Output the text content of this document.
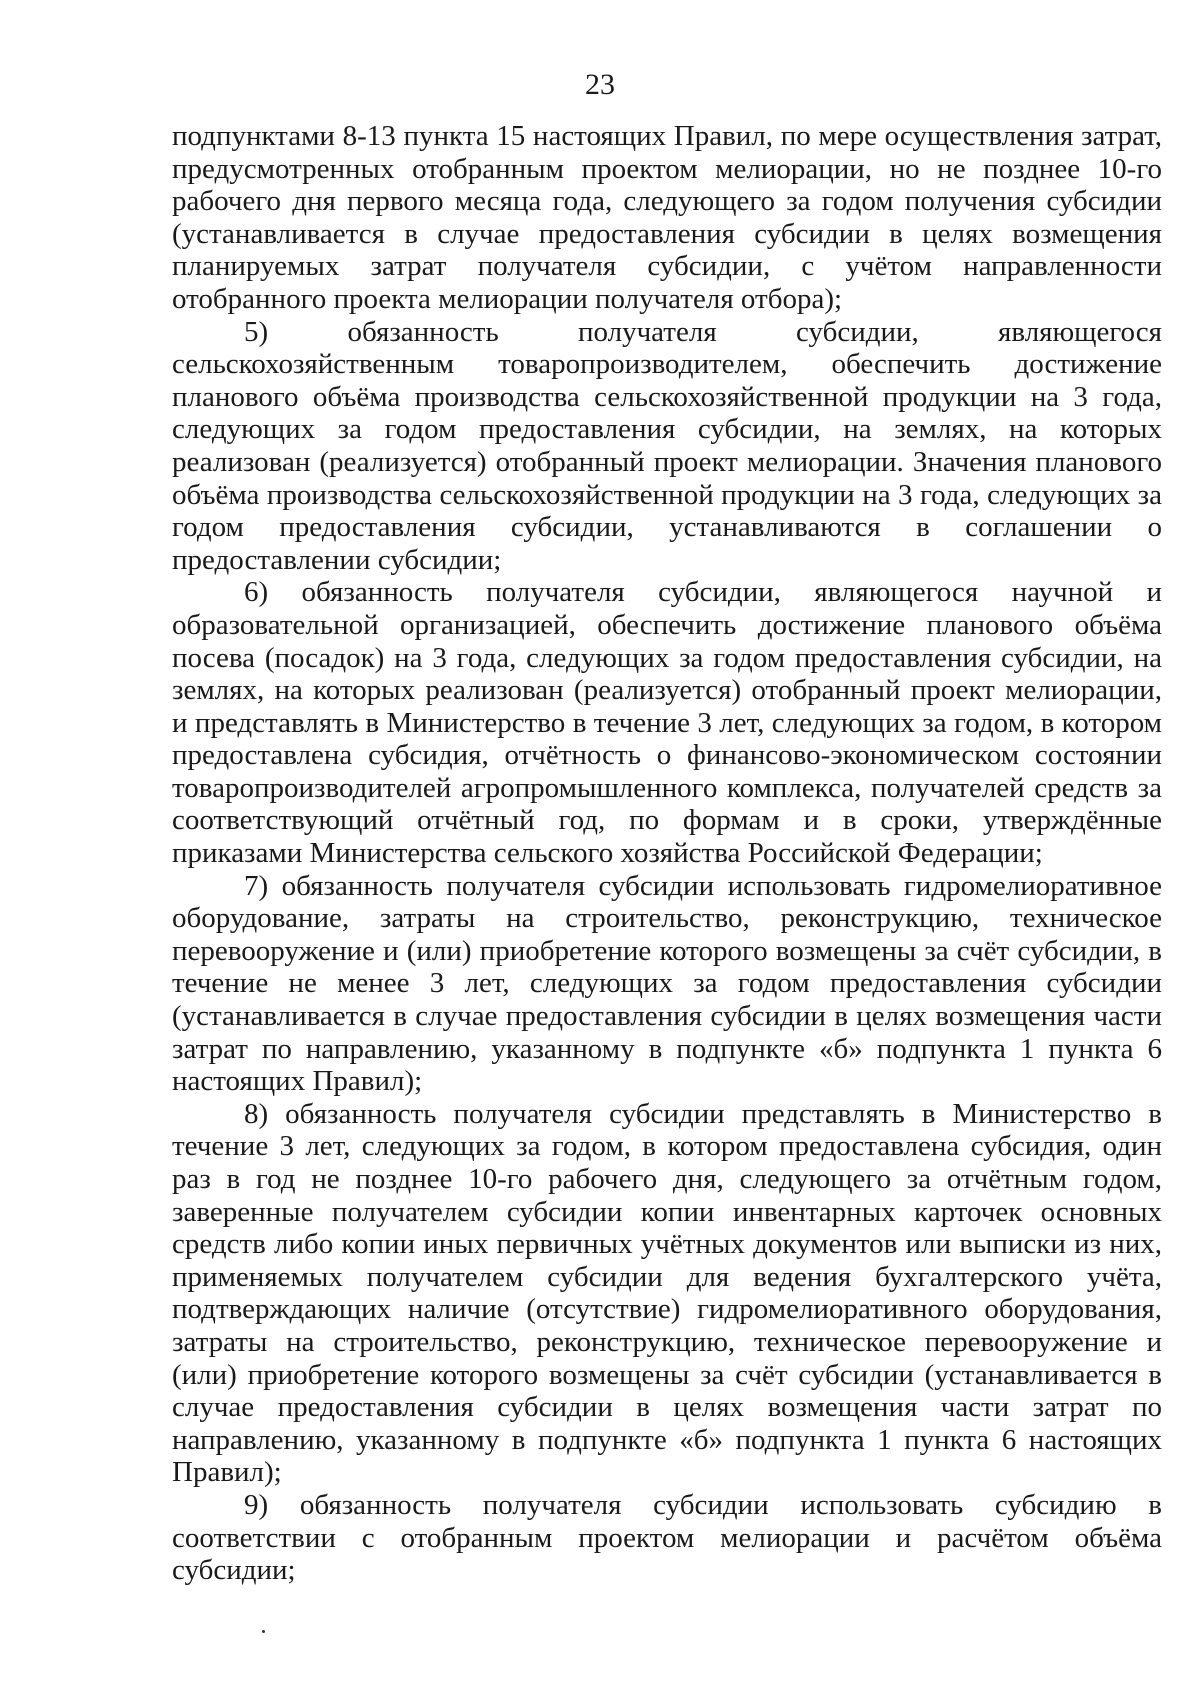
23

подпунктами 8-13 пункта 15 настоящих Правил, по мере осуществления затрат, предусмотренных отобранным проектом мелиорации, но не позднее 10-го рабочего дня первого месяца года, следующего за годом получения субсидии (устанавливается в случае предоставления субсидии в целях возмещения планируемых затрат получателя субсидии, с учётом направленности отобранного проекта мелиорации получателя отбора);

5) обязанность получателя субсидии, являющегося сельскохозяйственным товаропроизводителем, обеспечить достижение планового объёма производства сельскохозяйственной продукции на 3 года, следующих за годом предоставления субсидии, на землях, на которых реализован (реализуется) отобранный проект мелиорации. Значения планового объёма производства сельскохозяйственной продукции на 3 года, следующих за годом предоставления субсидии, устанавливаются в соглашении о предоставлении субсидии;

6) обязанность получателя субсидии, являющегося научной и образовательной организацией, обеспечить достижение планового объёма посева (посадок) на 3 года, следующих за годом предоставления субсидии, на землях, на которых реализован (реализуется) отобранный проект мелиорации, и представлять в Министерство в течение 3 лет, следующих за годом, в котором предоставлена субсидия, отчётность о финансово-экономическом состоянии товаропроизводителей агропромышленного комплекса, получателей средств за соответствующий отчётный год, по формам и в сроки, утверждённые приказами Министерства сельского хозяйства Российской Федерации;

7) обязанность получателя субсидии использовать гидромелиоративное оборудование, затраты на строительство, реконструкцию, техническое перевооружение и (или) приобретение которого возмещены за счёт субсидии, в течение не менее 3 лет, следующих за годом предоставления субсидии (устанавливается в случае предоставления субсидии в целях возмещения части затрат по направлению, указанному в подпункте «б» подпункта 1 пункта 6 настоящих Правил);

8) обязанность получателя субсидии представлять в Министерство в течение 3 лет, следующих за годом, в котором предоставлена субсидия, один раз в год не позднее 10-го рабочего дня, следующего за отчётным годом, заверенные получателем субсидии копии инвентарных карточек основных средств либо копии иных первичных учётных документов или выписки из них, применяемых получателем субсидии для ведения бухгалтерского учёта, подтверждающих наличие (отсутствие) гидромелиоративного оборудования, затраты на строительство, реконструкцию, техническое перевооружение и (или) приобретение которого возмещены за счёт субсидии (устанавливается в случае предоставления субсидии в целях возмещения части затрат по направлению, указанному в подпункте «б» подпункта 1 пункта 6 настоящих Правил);

9) обязанность получателя субсидии использовать субсидию в соответствии с отобранным проектом мелиорации и расчётом объёма субсидии;
